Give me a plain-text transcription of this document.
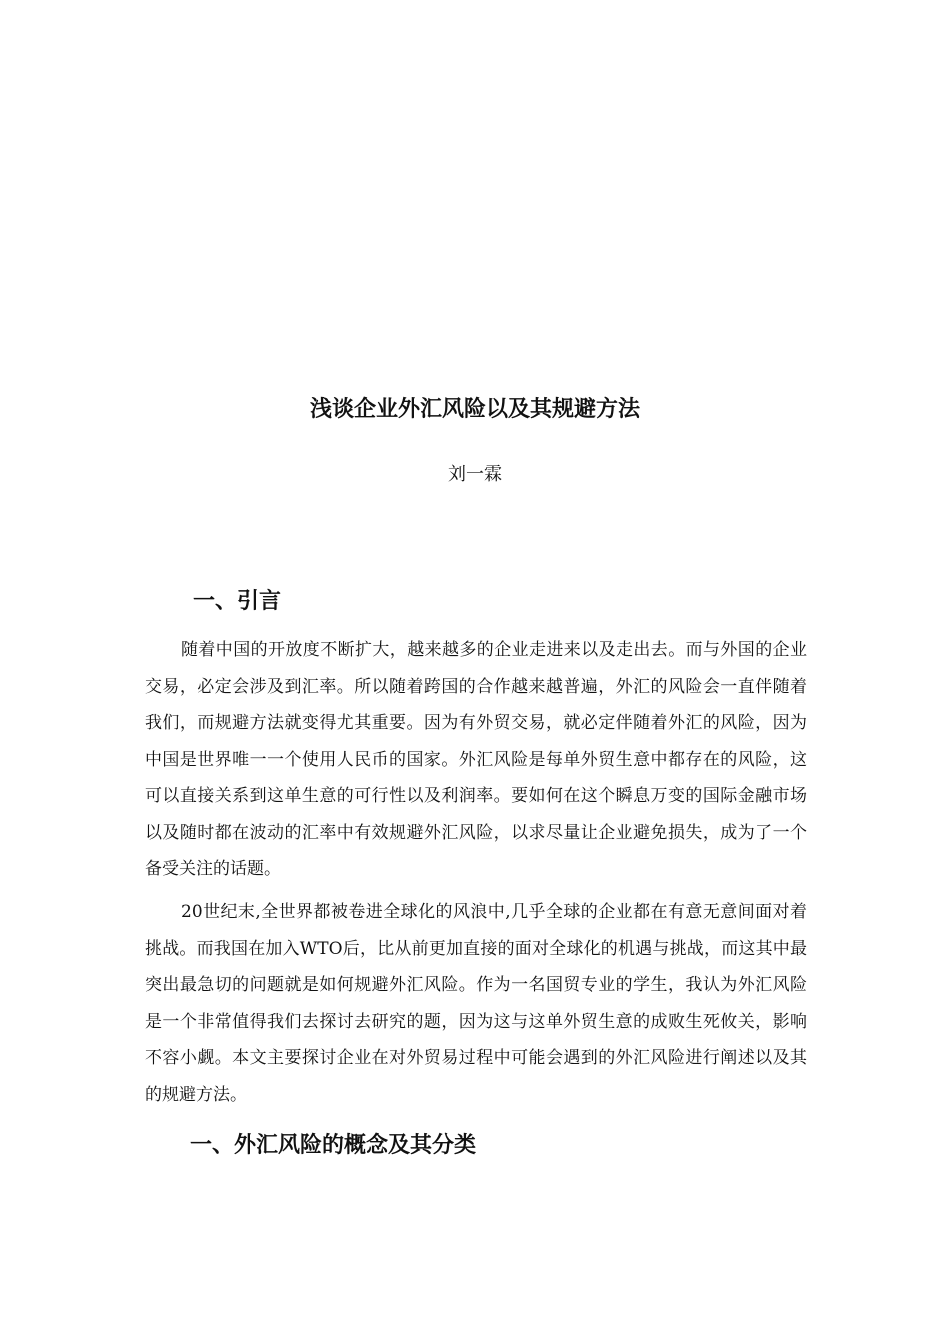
浅谈企业外汇风险以及其规避方法
刘一霖
一、引言

随着中国的开放度不断扩大，越来越多的企业走进来以及走出去。而与外国的企业交易，必定会涉及到汇率。所以随着跨国的合作越来越普遍，外汇的风险会一直伴随着我们，而规避方法就变得尤其重要。因为有外贸交易，就必定伴随着外汇的风险，因为中国是世界唯一一个使用人民币的国家。外汇风险是每单外贸生意中都存在的风险，这可以直接关系到这单生意的可行性以及利润率。要如何在这个瞬息万变的国际金融市场以及随时都在波动的汇率中有效规避外汇风险，以求尽量让企业避免损失，成为了一个备受关注的话题。

20世纪末,全世界都被卷进全球化的风浪中,几乎全球的企业都在有意无意间面对着挑战。而我国在加入WTO后，比从前更加直接的面对全球化的机遇与挑战，而这其中最突出最急切的问题就是如何规避外汇风险。作为一名国贸专业的学生，我认为外汇风险是一个非常值得我们去探讨去研究的题，因为这与这单外贸生意的成败生死攸关，影响不容小觑。本文主要探讨企业在对外贸易过程中可能会遇到的外汇风险进行阐述以及其的规避方法。

一、外汇风险的概念及其分类
